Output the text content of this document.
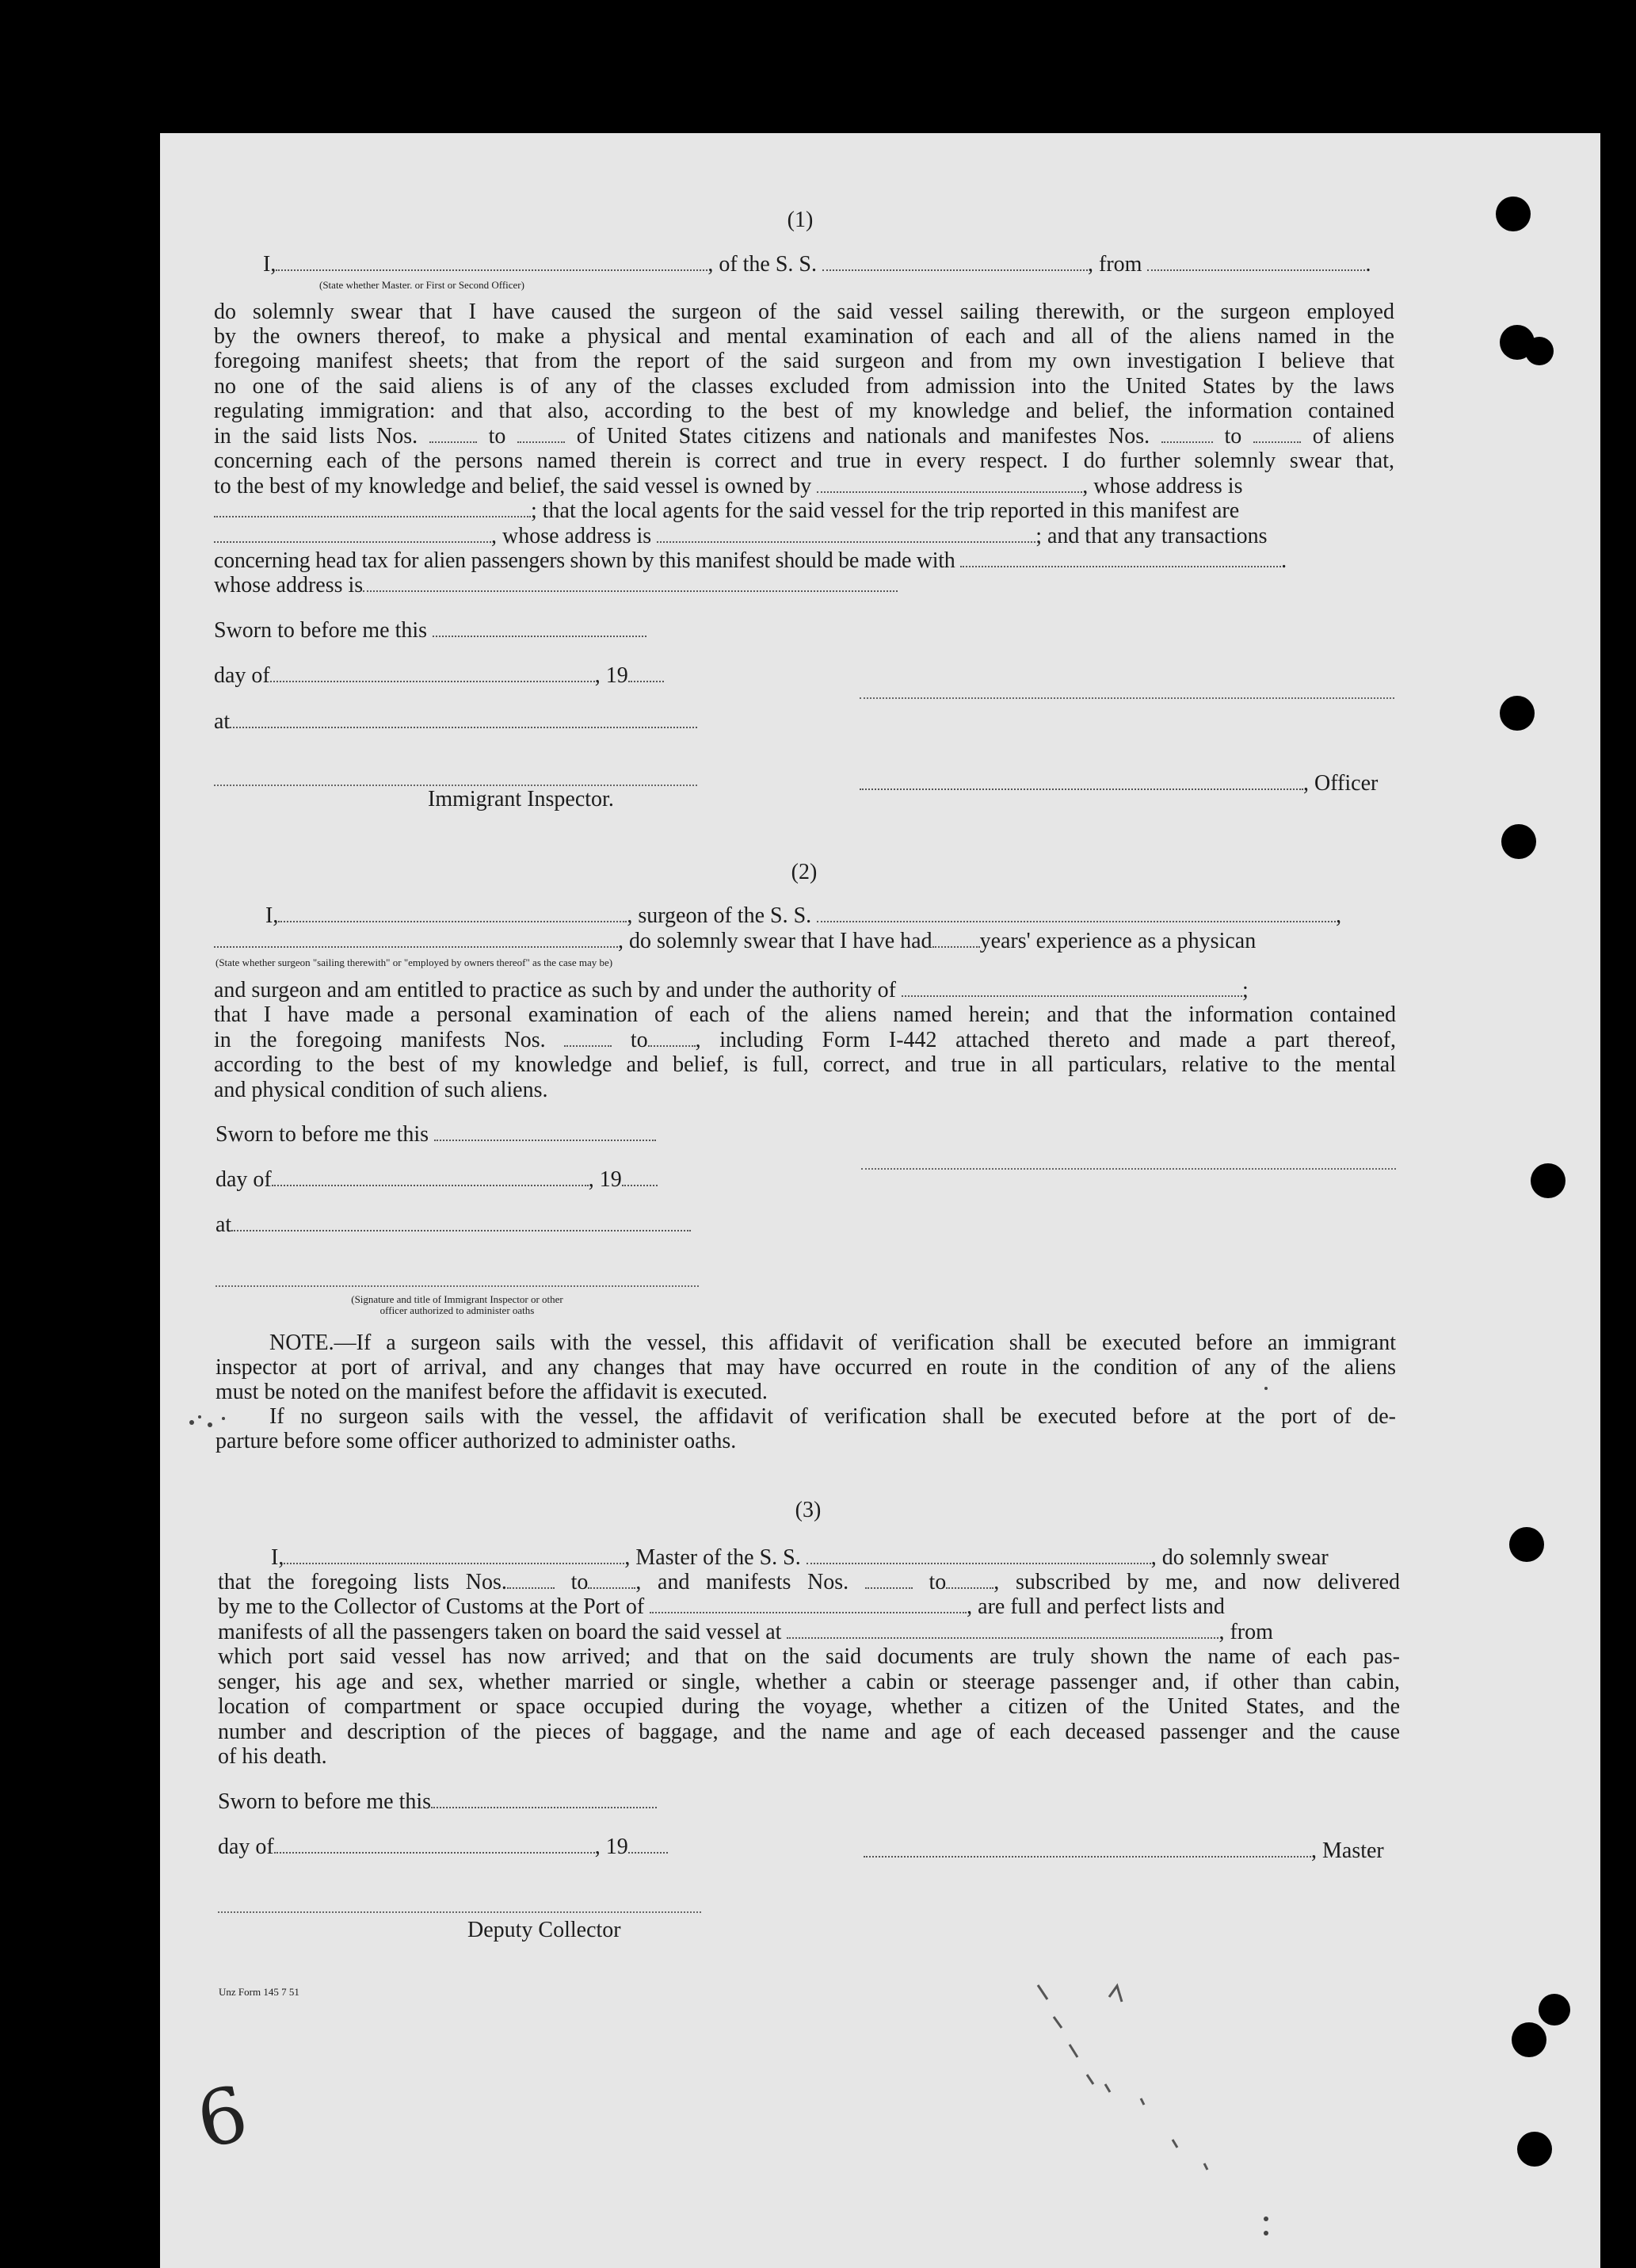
(1)
I,	, of the S. S.	, from	.
(State whether Master. or First or Second Officer)
do solemnly swear that I have caused the surgeon of the said vessel sailing therewith, or the surgeon employed
by the owners thereof, to make a physical and mental examination of each and all of the aliens named in the
foregoing manifest sheets; that from the report of the said surgeon and from my own investigation I believe that
no one of the said aliens is of any of the classes excluded from admission into the United States by the laws
regulating immigration: and that also, according to the best of my knowledge and belief, the information contained
in the said lists Nos.	to	of United States citizens and nationals and manifestes Nos.	to	of aliens
concerning each of the persons named therein is correct and true in every respect. I do further solemnly swear that,
to the best of my knowledge and belief, the said vessel is owned by	, whose address is
; that the local agents for the said vessel for the trip reported in this manifest are
, whose address is	; and that any transactions
concerning head tax for alien passengers shown by this manifest should be made with	.
whose address is
Sworn to before me this
day of	, 19
at
, Officer
Immigrant Inspector.
(2)
I,	, surgeon of the S. S.	,
, do solemnly swear that I have had years' experience as a physican
(State whether surgeon "sailing therewith" or "employed by owners thereof" as the case may be)
and surgeon and am entitled to practice as such by and under the authority of	;
that I have made a personal examination of each of the aliens named herein; and that the information contained
in the foregoing manifests Nos.	to , including Form I-442 attached thereto and made a part thereof,
according to the best of my knowledge and belief, is full, correct, and true in all particulars, relative to the mental
and physical condition of such aliens.
Sworn to before me this
day of	, 19
at
(Signature and title of Immigrant Inspector or other
officer authorized to administer oaths
NOTE.—If a surgeon sails with the vessel, this affidavit of verification shall be executed before an immigrant
inspector at port of arrival, and any changes that may have occurred en route in the condition of any of the aliens
must be noted on the manifest before the affidavit is executed.
If no surgeon sails with the vessel, the affidavit of verification shall be executed before at the port of de-
parture before some officer authorized to administer oaths.
(3)
I,	, Master of the S. S.	, do solemnly swear
that the foregoing lists Nos.	to , and manifests Nos.	to , subscribed by me, and now delivered
by me to the Collector of Customs at the Port of	, are full and perfect lists and
manifests of all the passengers taken on board the said vessel at	, from
which port said vessel has now arrived; and that on the said documents are truly shown the name of each pas-
senger, his age and sex, whether married or single, whether a cabin or steerage passenger and, if other than cabin,
location of compartment or space occupied during the voyage, whether a citizen of the United States, and the
number and description of the pieces of baggage, and the name and age of each deceased passenger and the cause
of his death.
Sworn to before me this
day of	, 19	, Master
Deputy Collector
Unz Form 145 7 51
6
